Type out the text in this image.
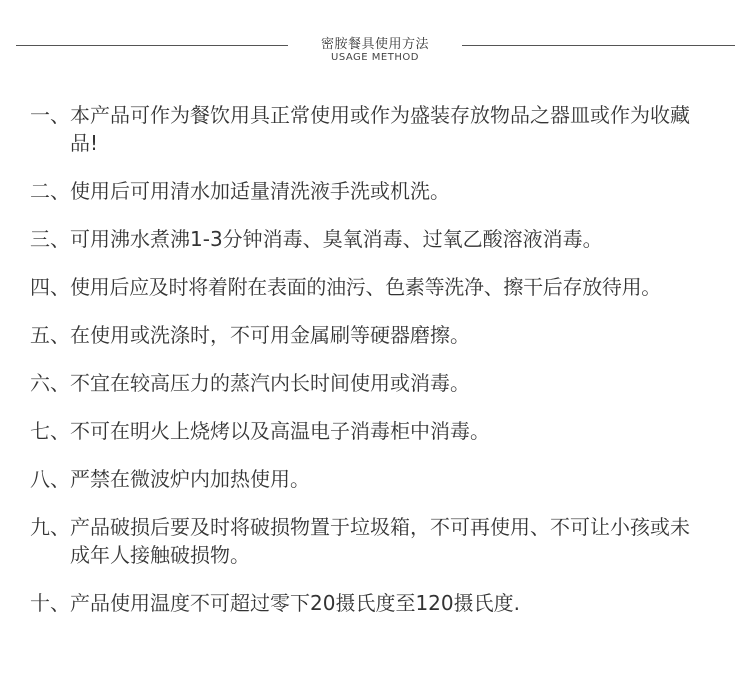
密胺餐具使用方法
USAGE METHOD
一、 本产品可作为餐饮用具正常使用或作为盛装存放物品之器皿或作为收藏品!
二、 使用后可用清水加适量清洗液手洗或机洗。
三、 可用沸水煮沸1-3分钟消毒、臭氧消毒、过氧乙酸溶液消毒。
四、 使用后应及时将着附在表面的油污、色素等洗净、擦干后存放待用。
五、 在使用或洗涤时，不可用金属刷等硬器磨擦。
六、 不宜在较高压力的蒸汽内长时间使用或消毒。
七、 不可在明火上烧烤以及高温电子消毒柜中消毒。
八、 严禁在微波炉内加热使用。
九、 产品破损后要及时将破损物置于垃圾箱，不可再使用、不可让小孩或未成年人接触破损物。
十、 产品使用温度不可超过零下20摄氏度至120摄氏度.
